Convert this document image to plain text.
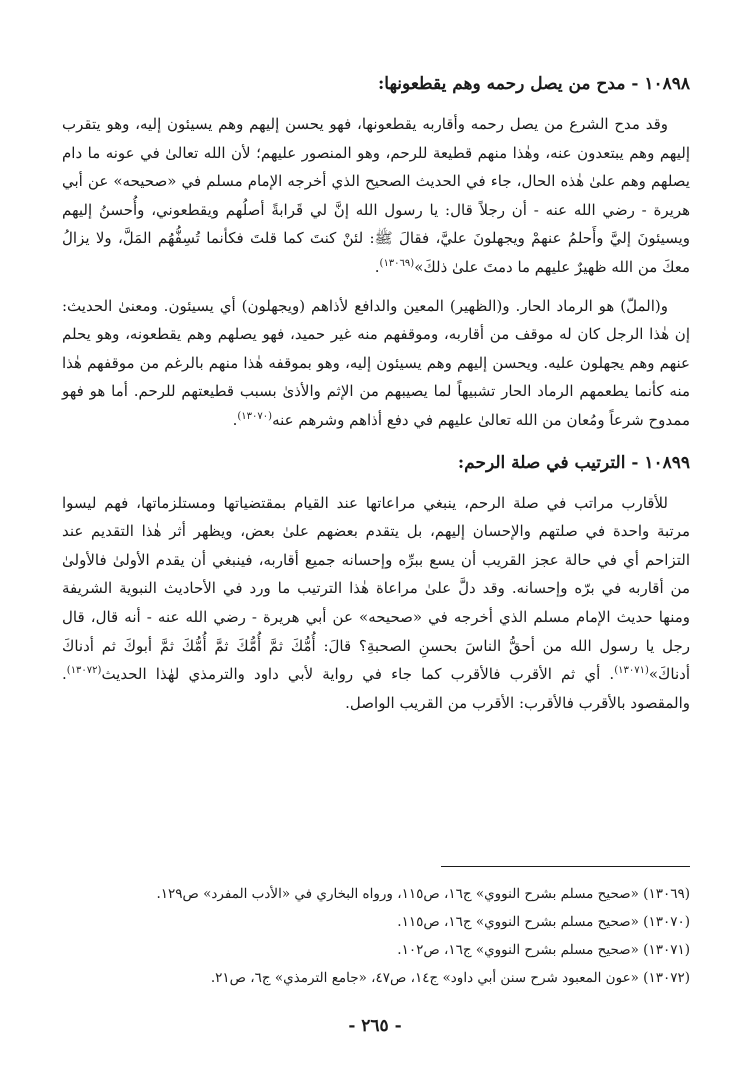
١٠٨٩٨ - مدح من يصل رحمه وهم يقطعونها:

وقد مدح الشرع من يصل رحمه وأقاربه يقطعونها، فهو يحسن إليهم وهم يسيئون إليه، وهو يتقرب إليهم وهم يبتعدون عنه، وهٰذا منهم قطيعة للرحم، وهو المنصور عليهم؛ لأن الله تعالىٰ في عونه ما دام يصلهم وهم علىٰ هٰذه الحال، جاء في الحديث الصحيح الذي أخرجه الإمام مسلم في «صحيحه» عن أبي هريرة - رضي الله عنه - أن رجلاً قال: يا رسول الله إنَّ لي قَرابةً أصلُهم ويقطعوني، وأُحسنُ إليهم ويسيئونَ إليَّ وأَحلمُ عنهمْ ويجهلونَ عليَّ، فقالَ ﷺ: لئنْ كنتَ كما قلتَ فكأنما تُسِفُّهُم المَلَّ، ولا يزالُ معكَ من الله ظهيرٌ عليهم ما دمتَ علىٰ ذلكَ»$^{(١٣٠٦٩)}$.

و(الملّ) هو الرماد الحار. و(الظهير) المعين والدافع لأذاهم (ويجهلون) أي يسيئون. ومعنىٰ الحديث: إن هٰذا الرجل كان له موقف من أقاربه، وموقفهم منه غير حميد، فهو يصلهم وهم يقطعونه، وهو يحلم عنهم وهم يجهلون عليه. ويحسن إليهم وهم يسيئون إليه، وهو بموقفه هٰذا منهم بالرغم من موقفهم هٰذا منه كأنما يطعمهم الرماد الحار تشبيهاً لما يصيبهم من الإثم والأذىٰ بسبب قطيعتهم للرحم. أما هو فهو ممدوح شرعاً ومُعان من الله تعالىٰ عليهم في دفع أذاهم وشرهم عنه$^{(١٣٠٧٠)}$.

١٠٨٩٩ - الترتيب في صلة الرحم:

للأقارب مراتب في صلة الرحم، ينبغي مراعاتها عند القيام بمقتضياتها ومستلزماتها، فهم ليسوا مرتبة واحدة في صلتهم والإحسان إليهم، بل يتقدم بعضهم علىٰ بعض، ويظهر أثر هٰذا التقديم عند التزاحم أي في حالة عجز القريب أن يسع ببرِّه وإحسانه جميع أقاربه، فينبغي أن يقدم الأولىٰ فالأولىٰ من أقاربه في برّه وإحسانه. وقد دلَّ علىٰ مراعاة هٰذا الترتيب ما ورد في الأحاديث النبوية الشريفة ومنها حديث الإمام مسلم الذي أخرجه في «صحيحه» عن أبي هريرة - رضي الله عنه - أنه قال، قال رجل يا رسول الله من أحقُّ الناسَ بحسنِ الصحبةِ؟ قالَ: أُمُّكَ ثمَّ أُمُّكَ ثمَّ أُمُّكَ ثمَّ أبوكَ ثم أدناكَ أدناكَ»$^{(١٣٠٧١)}$. أي ثم الأقرب فالأقرب كما جاء في رواية لأبي داود والترمذي لهٰذا الحديث$^{(١٣٠٧٢)}$. والمقصود بالأقرب فالأقرب: الأقرب من القريب الواصل.

(١٣٠٦٩) «صحيح مسلم بشرح النووي» ج١٦، ص١١٥، ورواه البخاري في «الأدب المفرد» ص١٢٩.

(١٣٠٧٠) «صحيح مسلم بشرح النووي» ج١٦، ص١١٥.

(١٣٠٧١) «صحيح مسلم بشرح النووي» ج١٦، ص١٠٢.

(١٣٠٧٢) «عون المعبود شرح سنن أبي داود» ج١٤، ص٤٧، «جامع الترمذي» ج٦، ص٢١.

- ٢٦٥ -
